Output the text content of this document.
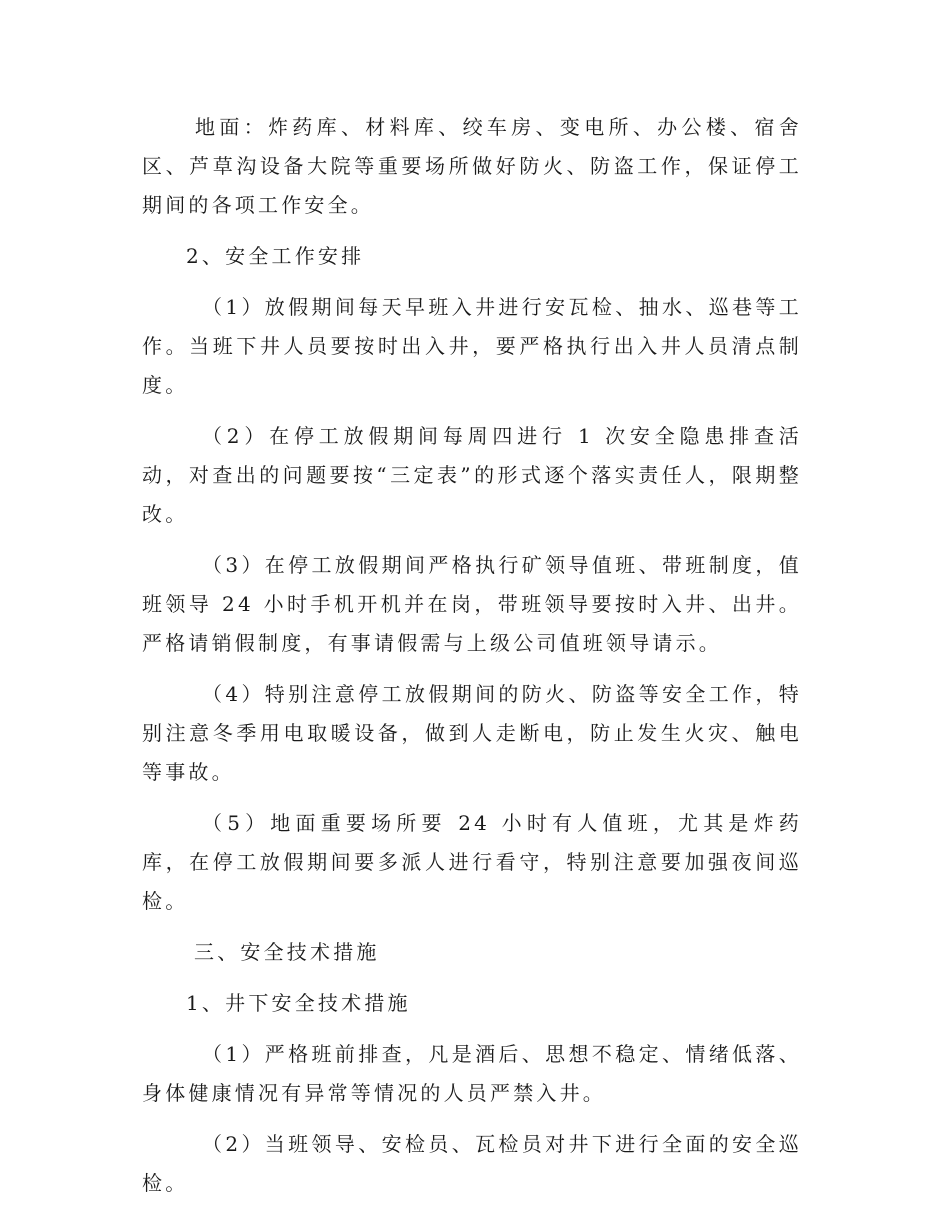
地面：炸药库、材料库、绞车房、变电所、办公楼、宿舍区、芦草沟设备大院等重要场所做好防火、防盗工作，保证停工期间的各项工作安全。

2、安全工作安排

（1）放假期间每天早班入井进行安瓦检、抽水、巡巷等工作。当班下井人员要按时出入井，要严格执行出入井人员清点制度。

（2）在停工放假期间每周四进行 1 次安全隐患排查活动，对查出的问题要按“三定表”的形式逐个落实责任人，限期整改。

（3）在停工放假期间严格执行矿领导值班、带班制度，值班领导 24 小时手机开机并在岗，带班领导要按时入井、出井。严格请销假制度，有事请假需与上级公司值班领导请示。

（4）特别注意停工放假期间的防火、防盗等安全工作，特别注意冬季用电取暖设备，做到人走断电，防止发生火灾、触电等事故。

（5）地面重要场所要 24 小时有人值班，尤其是炸药库，在停工放假期间要多派人进行看守，特别注意要加强夜间巡检。

三、安全技术措施

1、井下安全技术措施

（1）严格班前排查，凡是酒后、思想不稳定、情绪低落、身体健康情况有异常等情况的人员严禁入井。

（2）当班领导、安检员、瓦检员对井下进行全面的安全巡检。
